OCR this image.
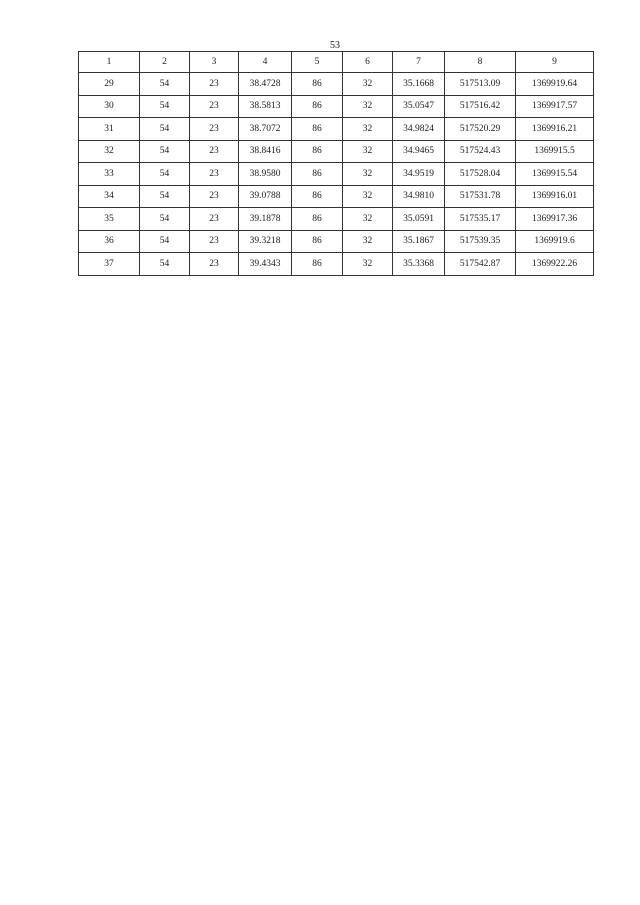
53
1	2	3	4	5	6	7	8	9
29	54	23	38.4728	86	32	35.1668	517513.09	1369919.64
30	54	23	38.5813	86	32	35.0547	517516.42	1369917.57
31	54	23	38.7072	86	32	34.9824	517520.29	1369916.21
32	54	23	38.8416	86	32	34.9465	517524.43	1369915.5
33	54	23	38.9580	86	32	34.9519	517528.04	1369915.54
34	54	23	39.0788	86	32	34.9810	517531.78	1369916.01
35	54	23	39.1878	86	32	35.0591	517535.17	1369917.36
36	54	23	39.3218	86	32	35.1867	517539.35	1369919.6
37	54	23	39.4343	86	32	35.3368	517542.87	1369922.26
